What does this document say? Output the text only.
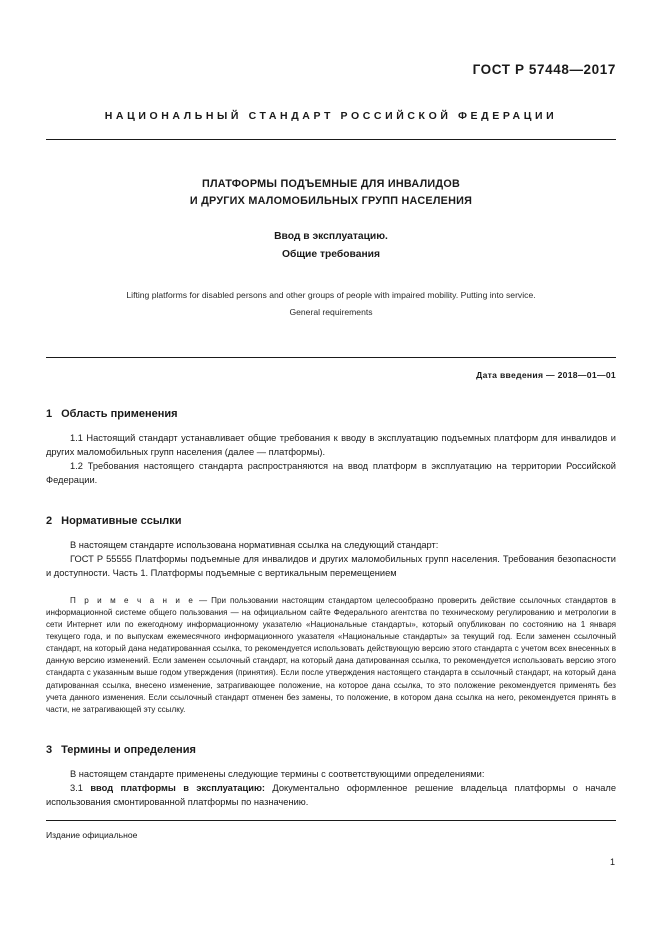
ГОСТ Р 57448—2017
НАЦИОНАЛЬНЫЙ СТАНДАРТ РОССИЙСКОЙ ФЕДЕРАЦИИ
ПЛАТФОРМЫ ПОДЪЕМНЫЕ ДЛЯ ИНВАЛИДОВ
И ДРУГИХ МАЛОМОБИЛЬНЫХ ГРУПП НАСЕЛЕНИЯ
Ввод в эксплуатацию.
Общие требования
Lifting platforms for disabled persons and other groups of people with impaired mobility. Putting into service.
General requirements
Дата введения — 2018—01—01
1 Область применения

1.1 Настоящий стандарт устанавливает общие требования к вводу в эксплуатацию подъемных платформ для инвалидов и других маломобильных групп населения (далее — платформы).

1.2 Требования настоящего стандарта распространяются на ввод платформ в эксплуатацию на территории Российской Федерации.

2 Нормативные ссылки

В настоящем стандарте использована нормативная ссылка на следующий стандарт:

ГОСТ Р 55555 Платформы подъемные для инвалидов и других маломобильных групп населения. Требования безопасности и доступности. Часть 1. Платформы подъемные с вертикальным перемещением

П р и м е ч а н и е — При пользовании настоящим стандартом целесообразно проверить действие ссылочных стандартов в информационной системе общего пользования — на официальном сайте Федерального агентства по техническому регулированию и метрологии в сети Интернет или по ежегодному информационному указателю «Национальные стандарты», который опубликован по состоянию на 1 января текущего года, и по выпускам ежемесячного информационного указателя «Национальные стандарты» за текущий год. Если заменен ссылочный стандарт, на который дана недатированная ссылка, то рекомендуется использовать действующую версию этого стандарта с учетом всех внесенных в данную версию изменений. Если заменен ссылочный стандарт, на который дана датированная ссылка, то рекомендуется использовать версию этого стандарта с указанным выше годом утверждения (принятия). Если после утверждения настоящего стандарта в ссылочный стандарт, на который дана датированная ссылка, внесено изменение, затрагивающее положение, на которое дана ссылка, то это положение рекомендуется применять без учета данного изменения. Если ссылочный стандарт отменен без замены, то положение, в котором дана ссылка на него, рекомендуется принять в части, не затрагивающей эту ссылку.

3 Термины и определения

В настоящем стандарте применены следующие термины с соответствующими определениями:

3.1 ввод платформы в эксплуатацию: Документально оформленное решение владельца платформы о начале использования смонтированной платформы по назначению.

Издание официальное
1
